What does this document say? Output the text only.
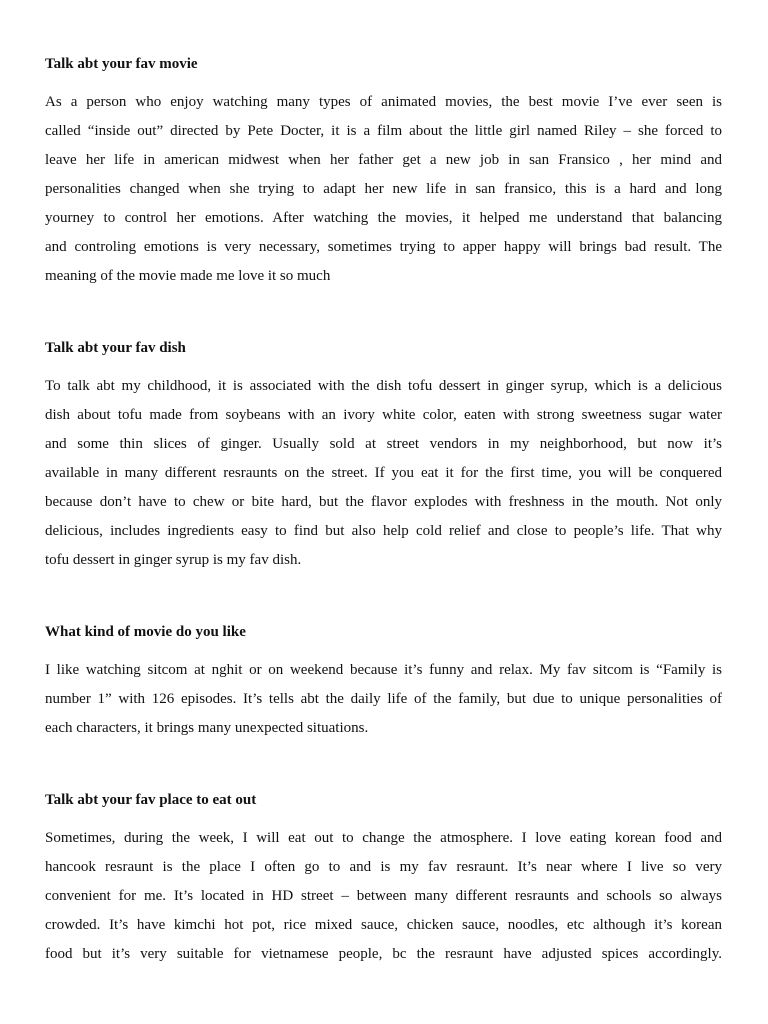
Talk abt your fav movie
As a person who enjoy watching many types of animated movies, the best movie I’ve ever seen is
called “inside out” directed by Pete Docter, it is a film about the little girl named Riley – she forced to
leave her life in american midwest when her father get a new job in san Fransico , her mind and
personalities changed when she trying to adapt her new life in san fransico, this is a hard and long
yourney to control her emotions. After watching the movies, it helped me understand that balancing
and controling emotions is very necessary, sometimes trying to apper happy will brings bad result. The
meaning of the movie made me love it so much
Talk abt your fav dish
To talk abt my childhood, it is associated with the dish tofu dessert in ginger syrup, which is a delicious
dish about tofu made from soybeans with an ivory white color, eaten with strong sweetness sugar water
and some thin slices of ginger. Usually sold at street vendors in my neighborhood, but now it’s
available in many different resraunts on the street. If you eat it for the first time, you will be conquered
because don’t have to chew or bite hard, but the flavor explodes with freshness in the mouth. Not only
delicious, includes ingredients easy to find but also help cold relief and close to people’s life. That why
tofu dessert in ginger syrup is my fav dish.
What kind of movie do you like
I like watching sitcom at nghit or on weekend because it’s funny and relax. My fav sitcom is “Family is
number 1” with 126 episodes. It’s tells abt the daily life of the family, but due to unique personalities of
each characters, it brings many unexpected situations.
Talk abt your fav place to eat out
Sometimes, during the week, I will eat out to change the atmosphere. I love eating korean food and
hancook resraunt is the place I often go to and is my fav resraunt. It’s near where I live so very
convenient for me. It’s located in HD street – between many different resraunts and schools so always
crowded. It’s have kimchi hot pot, rice mixed sauce, chicken sauce, noodles, etc although it’s korean
food but it’s very suitable for vietnamese people, bc the resraunt have adjusted spices accordingly.
